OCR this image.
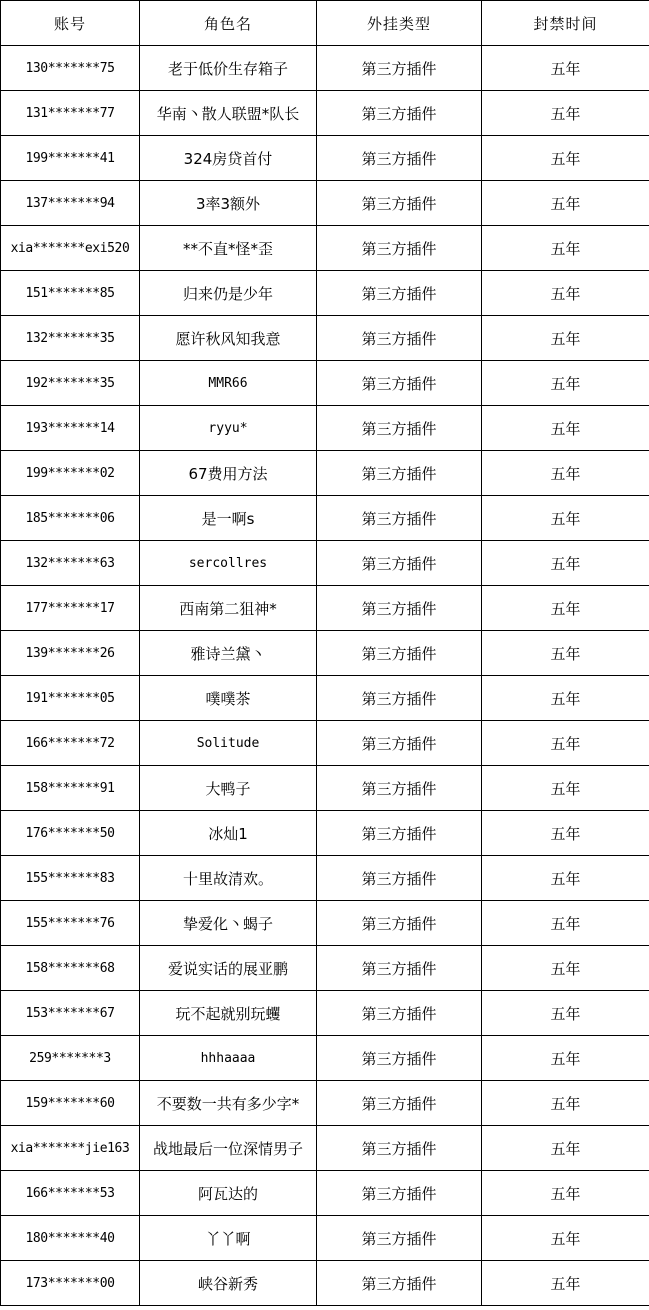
账号	角色名	外挂类型	封禁时间
130*******75	老于低价生存箱子	第三方插件	五年
131*******77	华南丶散人联盟*队长	第三方插件	五年
199*******41	324房贷首付	第三方插件	五年
137*******94	3率3额外	第三方插件	五年
xia*******exi520	**不直*怪*歪	第三方插件	五年
151*******85	归来仍是少年	第三方插件	五年
132*******35	愿许秋风知我意	第三方插件	五年
192*******35	MMR66	第三方插件	五年
193*******14	ryyu*	第三方插件	五年
199*******02	67费用方法	第三方插件	五年
185*******06	是一啊s	第三方插件	五年
132*******63	sercollres	第三方插件	五年
177*******17	西南第二狙神*	第三方插件	五年
139*******26	雅诗兰黛丶	第三方插件	五年
191*******05	噗噗茶	第三方插件	五年
166*******72	Solitude	第三方插件	五年
158*******91	大鸭子	第三方插件	五年
176*******50	冰灿1	第三方插件	五年
155*******83	十里故清欢。	第三方插件	五年
155*******76	挚爱化丶蝎子	第三方插件	五年
158*******68	爱说实话的展亚鹏	第三方插件	五年
153*******67	玩不起就别玩蠼	第三方插件	五年
259*******3	hhhaaaa	第三方插件	五年
159*******60	不要数一共有多少字*	第三方插件	五年
xia*******jie163	战地最后一位深情男子	第三方插件	五年
166*******53	阿瓦达的	第三方插件	五年
180*******40	丫丫啊	第三方插件	五年
173*******00	峡谷新秀	第三方插件	五年
